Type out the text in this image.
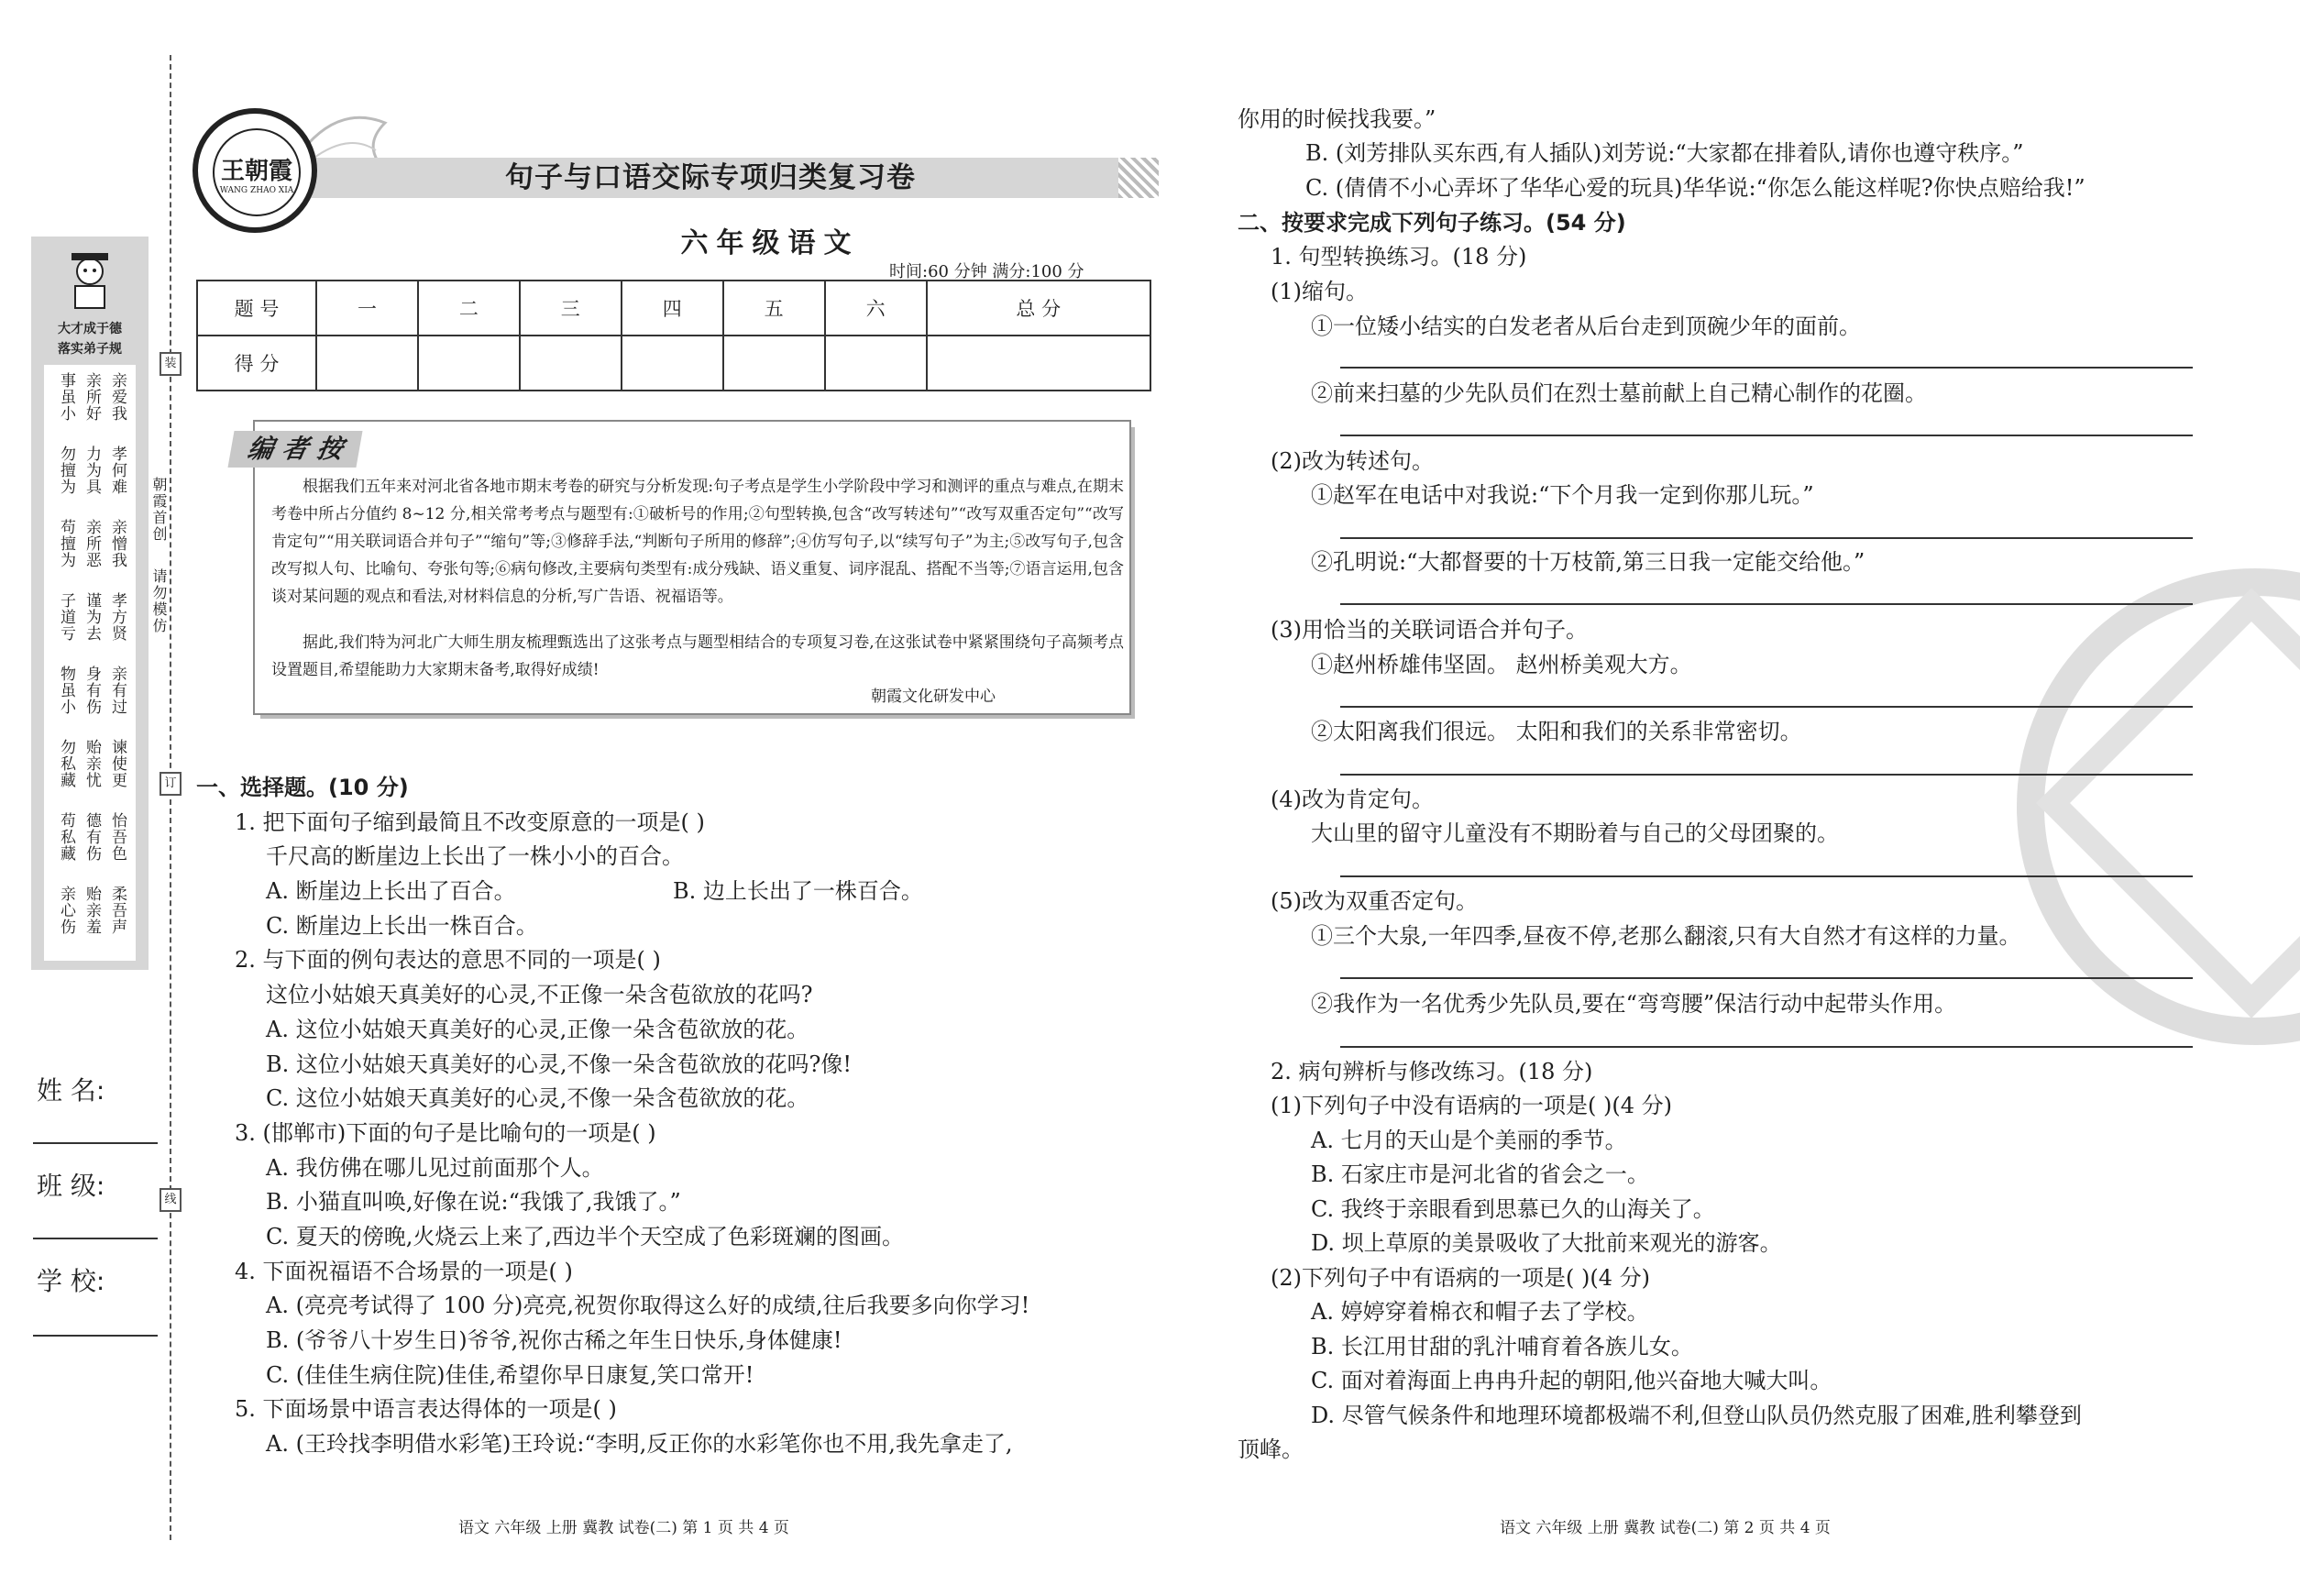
大才成于德
落实弟子规
事虽小 亲所好 亲爱我
勿擅为 力为具 孝何难
苟擅为 亲所恶 亲憎我
子道亏 谨为去 孝方贤
物虽小 身有伤 亲有过
勿私藏 贻亲忧 谏使更
苟私藏 德有伤 怡吾色
亲心伤 贻亲羞 柔吾声
姓 名:
班 级:
学 校:
装
订
线
朝霞首创
请勿模仿
句子与口语交际专项归类复习卷
王朝霞
WANG ZHAO XIA
六年级语文
时间:60 分钟 满分:100 分
题 号	一	二	三	四	五	六	总 分
得 分							
编 者 按
根据我们五年来对河北省各地市期末考卷的研究与分析发现:句子考点是学生小学阶段中学习和测评的重点与难点,在期末考卷中所占分值约 8~12 分,相关常考考点与题型有:①破析号的作用;②句型转换,包含“改写转述句”“改写双重否定句”“改写肯定句”“用关联词语合并句子”“缩句”等;③修辞手法,“判断句子所用的修辞”;④仿写句子,以“续写句子”为主;⑤改写句子,包含改写拟人句、比喻句、夸张句等;⑥病句修改,主要病句类型有:成分残缺、语义重复、词序混乱、搭配不当等;⑦语言运用,包含谈对某问题的观点和看法,对材料信息的分析,写广告语、祝福语等。
据此,我们特为河北广大师生朋友梳理甄选出了这张考点与题型相结合的专项复习卷,在这张试卷中紧紧围绕句子高频考点设置题目,希望能助力大家期末备考,取得好成绩!
朝霞文化研发中心
一、选择题。(10 分)
1. 把下面句子缩到最简且不改变原意的一项是( )
千尺高的断崖边上长出了一株小小的百合。
A. 断崖边上长出了百合。	B. 边上长出了一株百合。
C. 断崖边上长出一株百合。
2. 与下面的例句表达的意思不同的一项是( )
这位小姑娘天真美好的心灵,不正像一朵含苞欲放的花吗?
A. 这位小姑娘天真美好的心灵,正像一朵含苞欲放的花。
B. 这位小姑娘天真美好的心灵,不像一朵含苞欲放的花吗?像!
C. 这位小姑娘天真美好的心灵,不像一朵含苞欲放的花。
3. (邯郸市)下面的句子是比喻句的一项是( )
A. 我仿佛在哪儿见过前面那个人。
B. 小猫直叫唤,好像在说:“我饿了,我饿了。”
C. 夏天的傍晚,火烧云上来了,西边半个天空成了色彩斑斓的图画。
4. 下面祝福语不合场景的一项是( )
A. (亮亮考试得了 100 分)亮亮,祝贺你取得这么好的成绩,往后我要多向你学习!
B. (爷爷八十岁生日)爷爷,祝你古稀之年生日快乐,身体健康!
C. (佳佳生病住院)佳佳,希望你早日康复,笑口常开!
5. 下面场景中语言表达得体的一项是( )
A. (王玲找李明借水彩笔)王玲说:“李明,反正你的水彩笔你也不用,我先拿走了,
你用的时候找我要。”
B. (刘芳排队买东西,有人插队)刘芳说:“大家都在排着队,请你也遵守秩序。”
C. (倩倩不小心弄坏了华华心爱的玩具)华华说:“你怎么能这样呢?你快点赔给我!”
二、按要求完成下列句子练习。(54 分)
1. 句型转换练习。(18 分)
(1)缩句。
①一位矮小结实的白发老者从后台走到顶碗少年的面前。
②前来扫墓的少先队员们在烈士墓前献上自己精心制作的花圈。
(2)改为转述句。
①赵军在电话中对我说:“下个月我一定到你那儿玩。”
②孔明说:“大都督要的十万枝箭,第三日我一定能交给他。”
(3)用恰当的关联词语合并句子。
①赵州桥雄伟坚固。 赵州桥美观大方。
②太阳离我们很远。 太阳和我们的关系非常密切。
(4)改为肯定句。
大山里的留守儿童没有不期盼着与自己的父母团聚的。
(5)改为双重否定句。
①三个大泉,一年四季,昼夜不停,老那么翻滚,只有大自然才有这样的力量。
②我作为一名优秀少先队员,要在“弯弯腰”保洁行动中起带头作用。
2. 病句辨析与修改练习。(18 分)
(1)下列句子中没有语病的一项是( )(4 分)
A. 七月的天山是个美丽的季节。
B. 石家庄市是河北省的省会之一。
C. 我终于亲眼看到思慕已久的山海关了。
D. 坝上草原的美景吸收了大批前来观光的游客。
(2)下列句子中有语病的一项是( )(4 分)
A. 婷婷穿着棉衣和帽子去了学校。
B. 长江用甘甜的乳汁哺育着各族儿女。
C. 面对着海面上冉冉升起的朝阳,他兴奋地大喊大叫。
D. 尽管气候条件和地理环境都极端不利,但登山队员仍然克服了困难,胜利攀登到
顶峰。
语文 六年级 上册 冀教 试卷(二) 第 1 页 共 4 页	语文 六年级 上册 冀教 试卷(二) 第 2 页 共 4 页
